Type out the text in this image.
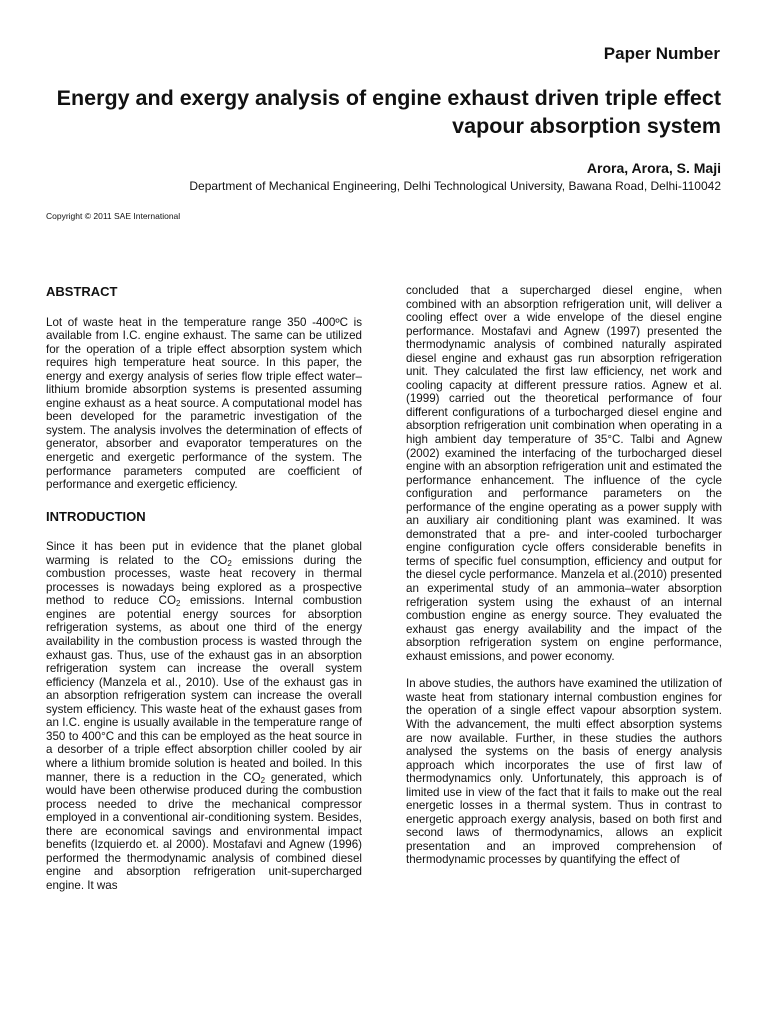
Paper Number
Energy and exergy analysis of engine exhaust driven triple effect vapour absorption system
Arora, Arora, S. Maji
Department of Mechanical Engineering, Delhi Technological University, Bawana Road, Delhi-110042
Copyright © 2011 SAE International
ABSTRACT

Lot of waste heat in the temperature range 350 -400ºC is available from I.C. engine exhaust. The same can be utilized for the operation of a triple effect absorption system which requires high temperature heat source. In this paper, the energy and exergy analysis of series flow triple effect water–lithium bromide absorption systems is presented assuming engine exhaust as a heat source. A computational model has been developed for the parametric investigation of the system. The analysis involves the determination of effects of generator, absorber and evaporator temperatures on the energetic and exergetic performance of the system. The performance parameters computed are coefficient of performance and exergetic efficiency.

INTRODUCTION

Since it has been put in evidence that the planet global warming is related to the $CO_2$ emissions during the combustion processes, waste heat recovery in thermal processes is nowadays being explored as a prospective method to reduce $CO_2$ emissions. Internal combustion engines are potential energy sources for absorption refrigeration systems, as about one third of the energy availability in the combustion process is wasted through the exhaust gas. Thus, use of the exhaust gas in an absorption refrigeration system can increase the overall system efficiency (Manzela et al., 2010). Use of the exhaust gas in an absorption refrigeration system can increase the overall system efficiency. This waste heat of the exhaust gases from an I.C. engine is usually available in the temperature range of 350 to 400°C and this can be employed as the heat source in a desorber of a triple effect absorption chiller cooled by air where a lithium bromide solution is heated and boiled. In this manner, there is a reduction in the $CO_2$ generated, which would have been otherwise produced during the combustion process needed to drive the mechanical compressor employed in a conventional air-conditioning system. Besides, there are economical savings and environmental impact benefits (Izquierdo et. al 2000). Mostafavi and Agnew (1996) performed the thermodynamic analysis of combined diesel engine and absorption refrigeration unit-supercharged engine. It was

concluded that a supercharged diesel engine, when combined with an absorption refrigeration unit, will deliver a cooling effect over a wide envelope of the diesel engine performance. Mostafavi and Agnew (1997) presented the thermodynamic analysis of combined naturally aspirated diesel engine and exhaust gas run absorption refrigeration unit. They calculated the first law efficiency, net work and cooling capacity at different pressure ratios. Agnew et al. (1999) carried out the theoretical performance of four different configurations of a turbocharged diesel engine and absorption refrigeration unit combination when operating in a high ambient day temperature of 35°C. Talbi and Agnew (2002) examined the interfacing of the turbocharged diesel engine with an absorption refrigeration unit and estimated the performance enhancement. The influence of the cycle configuration and performance parameters on the performance of the engine operating as a power supply with an auxiliary air conditioning plant was examined. It was demonstrated that a pre- and inter-cooled turbocharger engine configuration cycle offers considerable benefits in terms of specific fuel consumption, efficiency and output for the diesel cycle performance. Manzela et al.(2010) presented an experimental study of an ammonia–water absorption refrigeration system using the exhaust of an internal combustion engine as energy source. They evaluated the exhaust gas energy availability and the impact of the absorption refrigeration system on engine performance, exhaust emissions, and power economy.

In above studies, the authors have examined the utilization of waste heat from stationary internal combustion engines for the operation of a single effect vapour absorption system. With the advancement, the multi effect absorption systems are now available. Further, in these studies the authors analysed the systems on the basis of energy analysis approach which incorporates the use of first law of thermodynamics only. Unfortunately, this approach is of limited use in view of the fact that it fails to make out the real energetic losses in a thermal system. Thus in contrast to energetic approach exergy analysis, based on both first and second laws of thermodynamics, allows an explicit presentation and an improved comprehension of thermodynamic processes by quantifying the effect of
